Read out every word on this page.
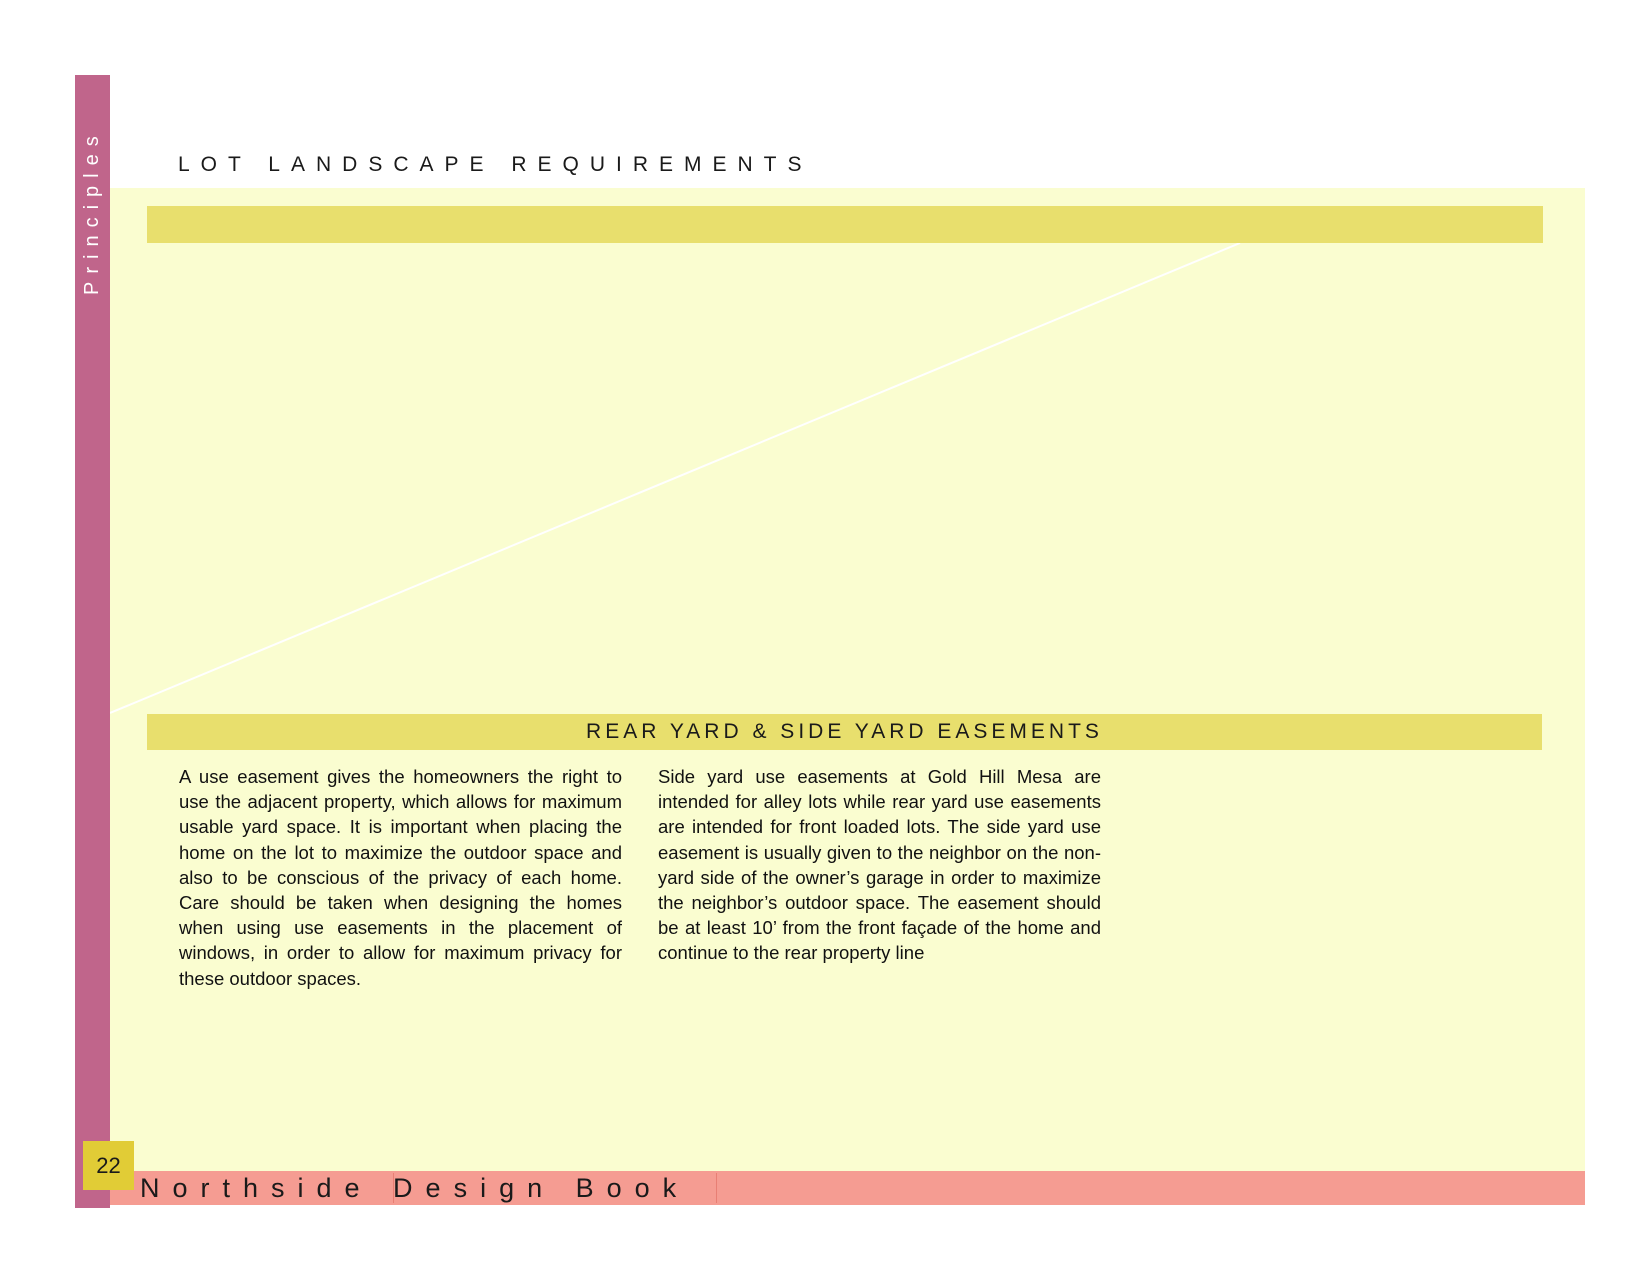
Principles	LOT LANDSCAPE REQUIREMENTS
REAR YARD & SIDE YARD EASEMENTS
A use easement gives the homeowners the right to use the adjacent property, which allows for maximum usable yard space. It is important when placing the home on the lot to maximize the outdoor space and also to be conscious of the privacy of each home. Care should be taken when designing the homes when using use easements in the placement of windows, in order to allow for maximum privacy for these outdoor spaces.
Side yard use easements at Gold Hill Mesa are intended for alley lots while rear yard use easements are intended for front loaded lots. The side yard use easement is usually given to the neighbor on the non-yard side of the owner’s garage in order to maximize the neighbor’s outdoor space. The easement should be at least 10’ from the front façade of the home and continue to the rear property line
Northside Design Book
22
